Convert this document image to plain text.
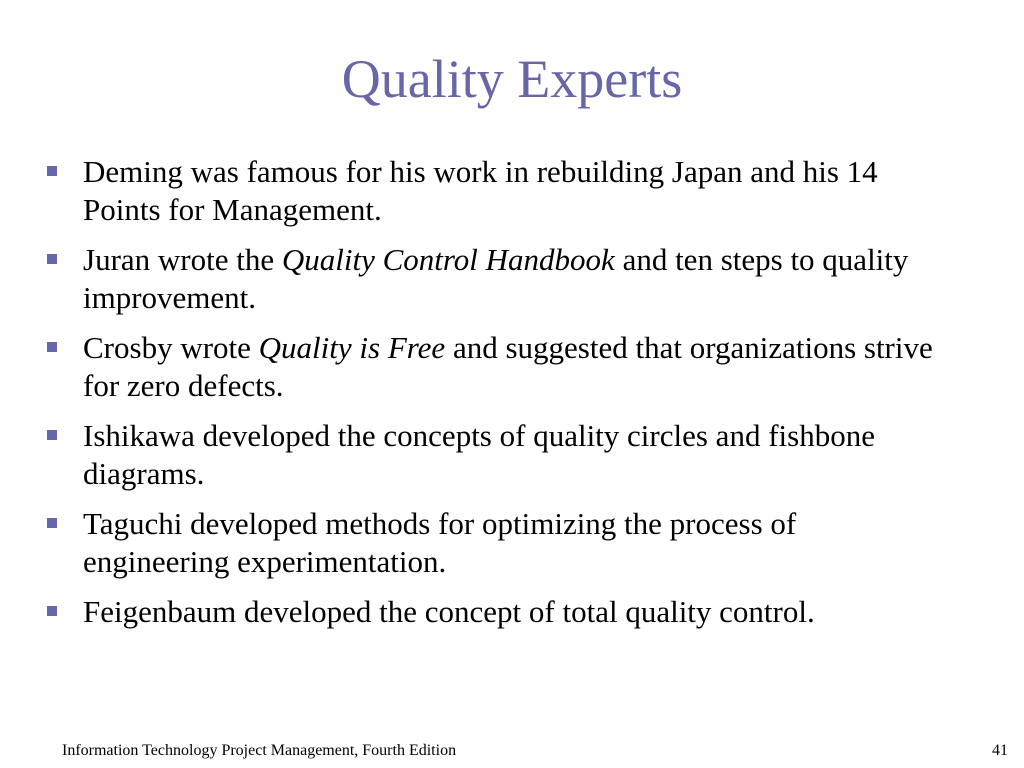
Quality Experts
Deming was famous for his work in rebuilding Japan and his 14 Points for Management.
Juran wrote the Quality Control Handbook and ten steps to quality improvement.
Crosby wrote Quality is Free and suggested that organizations strive for zero defects.
Ishikawa developed the concepts of quality circles and fishbone diagrams.
Taguchi developed methods for optimizing the process of engineering experimentation.
Feigenbaum developed the concept of total quality control.
Information Technology Project Management, Fourth Edition	41
